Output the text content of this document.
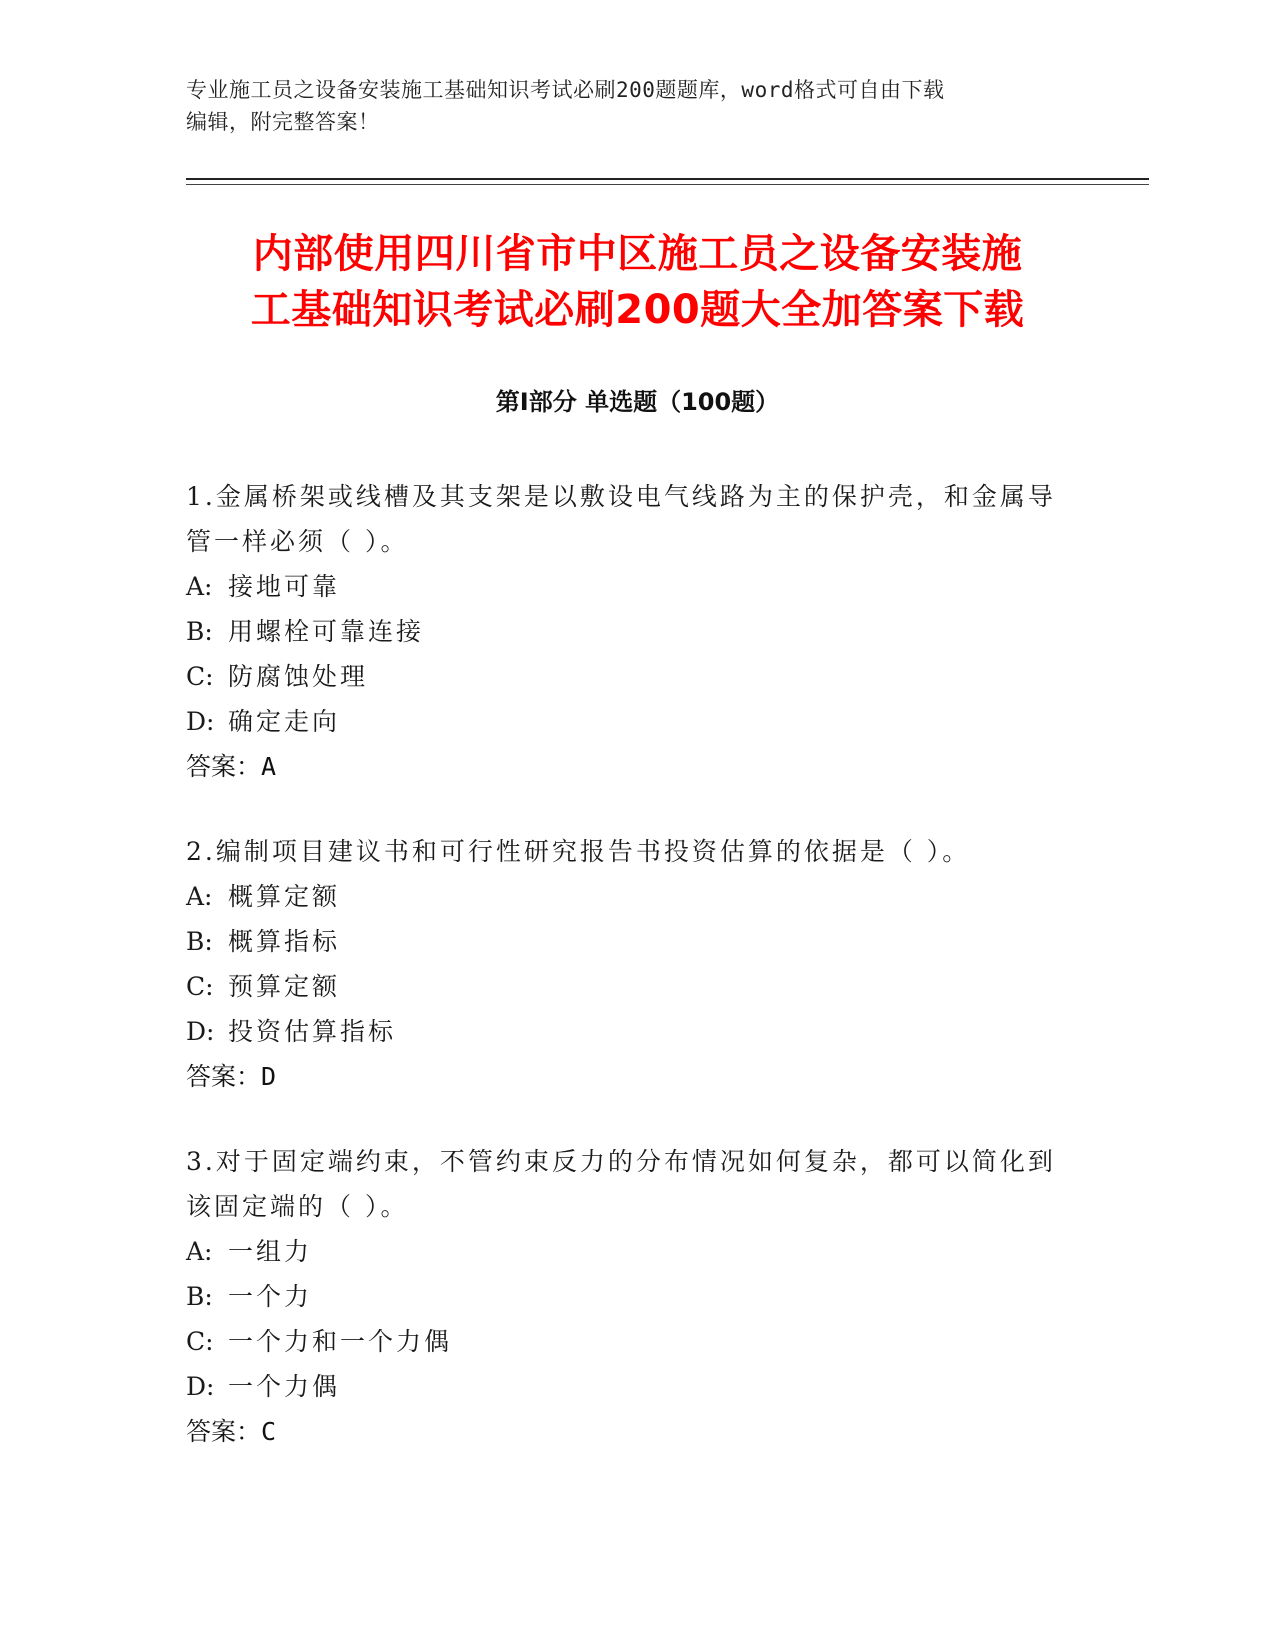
专业施工员之设备安装施工基础知识考试必刷200题题库，word格式可自由下载
编辑，附完整答案！
内部使用四川省市中区施工员之设备安装施
工基础知识考试必刷200题大全加答案下载
第Ⅰ部分 单选题（100题）

1.金属桥架或线槽及其支架是以敷设电气线路为主的保护壳，和金属导管一样必须（ ）。

A: 接地可靠
B: 用螺栓可靠连接
C: 防腐蚀处理
D: 确定走向
答案：A

2.编制项目建议书和可行性研究报告书投资估算的依据是（ ）。

A: 概算定额
B: 概算指标
C: 预算定额
D: 投资估算指标
答案：D

3.对于固定端约束，不管约束反力的分布情况如何复杂，都可以简化到该固定端的（ ）。

A: 一组力
B: 一个力
C: 一个力和一个力偶
D: 一个力偶
答案：C
